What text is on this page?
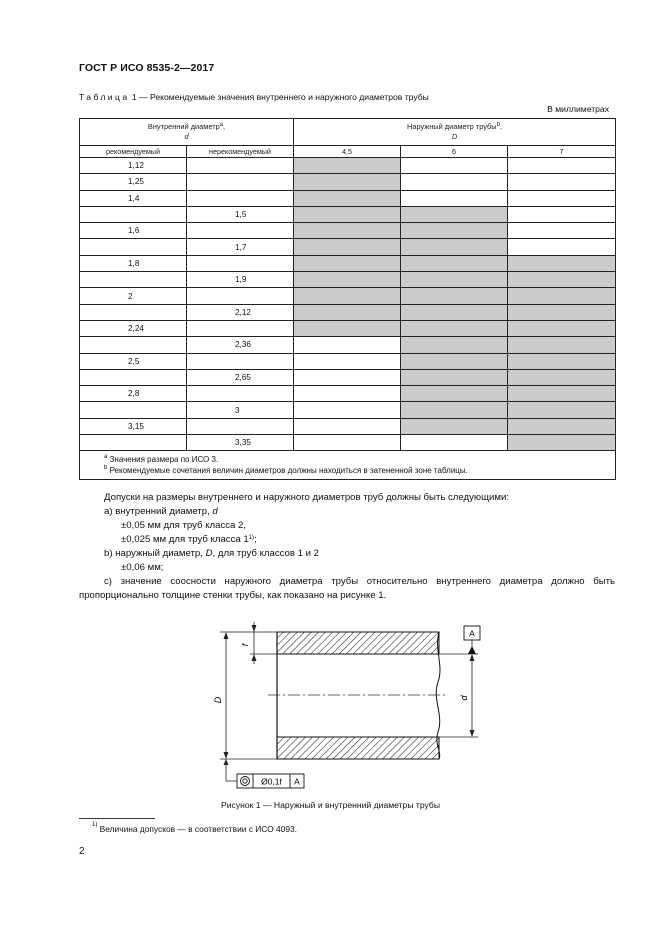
ГОСТ Р ИСО 8535-2—2017
Таблица 1 — Рекомендуемые значения внутреннего и наружного диаметров трубы
В миллиметрах
Внутренний диаметр$^а$,
d		Наружный диаметр трубы$^b$,
D		
рекомендуемый	нерекомендуемый	4,5	6	7
1,12				
1,25				
1,4				
	1,5			
1,6				
	1,7			
1,8				
	1,9			
2				
	2,12			
2,24				
	2,36			
2,5				
	2,65			
2,8				
	3			
3,15				
	3,35			

$^a$ Значения размера по ИСО 3.
$^b$ Рекомендуемые сочетания величин диаметров должны находиться в затененной зоне таблицы.				
Допуски на размеры внутреннего и наружного диаметров труб должны быть следующими:
a) внутренний диаметр, d
±0,05 мм для труб класса 2,
±0,025 мм для труб класса 1$^{1)}$;
b) наружный диаметр, D, для труб классов 1 и 2
±0,06 мм;
c) значение соосности наружного диаметра трубы относительно внутреннего диаметра должно быть пропорционально толщине стенки трубы, как показано на рисунке 1.
D
f
d
A
Ø0,1f A
Рисунок 1 — Наружный и внутренний диаметры трубы
$^{1)}$ Величина допусков — в соответствии с ИСО 4093.
2
